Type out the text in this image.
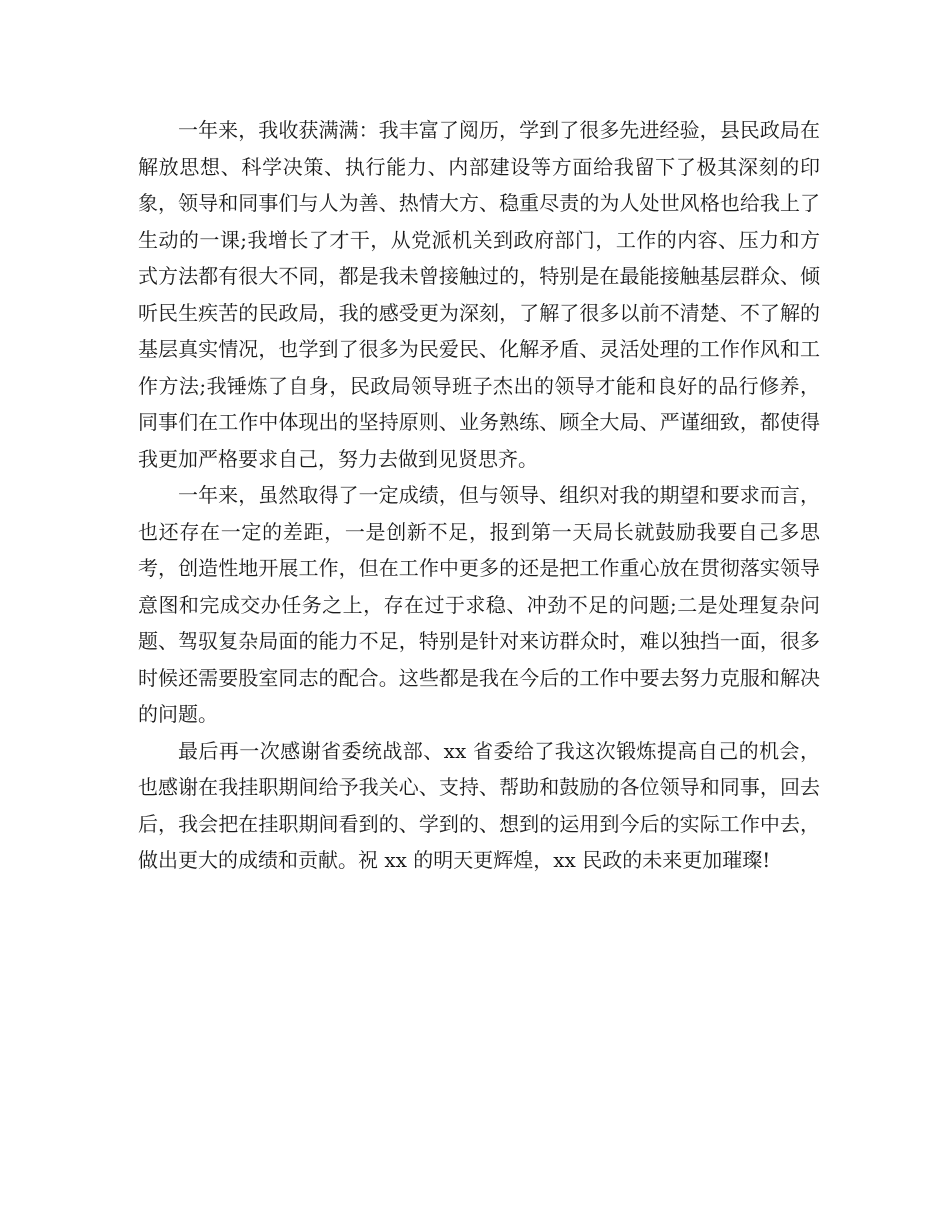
一年来，我收获满满：我丰富了阅历，学到了很多先进经验，县民政局在解放思想、科学决策、执行能力、内部建设等方面给我留下了极其深刻的印象，领导和同事们与人为善、热情大方、稳重尽责的为人处世风格也给我上了生动的一课;我增长了才干，从党派机关到政府部门，工作的内容、压力和方式方法都有很大不同，都是我未曾接触过的，特别是在最能接触基层群众、倾听民生疾苦的民政局，我的感受更为深刻，了解了很多以前不清楚、不了解的基层真实情况，也学到了很多为民爱民、化解矛盾、灵活处理的工作作风和工作方法;我锤炼了自身，民政局领导班子杰出的领导才能和良好的品行修养，同事们在工作中体现出的坚持原则、业务熟练、顾全大局、严谨细致，都使得我更加严格要求自己，努力去做到见贤思齐。

一年来，虽然取得了一定成绩，但与领导、组织对我的期望和要求而言，也还存在一定的差距，一是创新不足，报到第一天局长就鼓励我要自己多思考，创造性地开展工作，但在工作中更多的还是把工作重心放在贯彻落实领导意图和完成交办任务之上，存在过于求稳、冲劲不足的问题;二是处理复杂问题、驾驭复杂局面的能力不足，特别是针对来访群众时，难以独挡一面，很多时候还需要股室同志的配合。这些都是我在今后的工作中要去努力克服和解决的问题。

最后再一次感谢省委统战部、xx 省委给了我这次锻炼提高自己的机会，也感谢在我挂职期间给予我关心、支持、帮助和鼓励的各位领导和同事，回去后，我会把在挂职期间看到的、学到的、想到的运用到今后的实际工作中去，做出更大的成绩和贡献。祝 xx 的明天更辉煌，xx 民政的未来更加璀璨!
